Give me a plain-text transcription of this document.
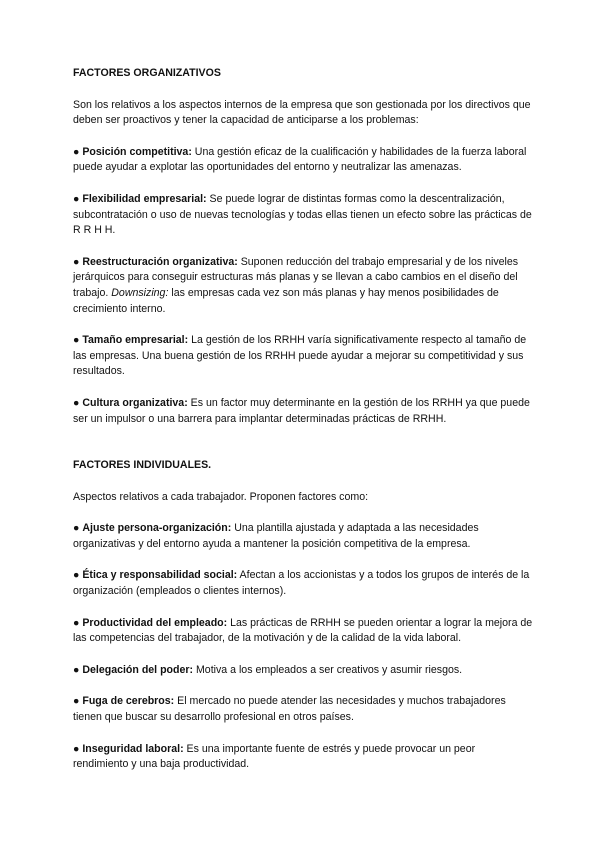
FACTORES ORGANIZATIVOS

Son los relativos a los aspectos internos de la empresa que son gestionada por los directivos que deben ser proactivos y tener la capacidad de anticiparse a los problemas:

● Posición competitiva: Una gestión eficaz de la cualificación y habilidades de la fuerza laboral puede ayudar a explotar las oportunidades del entorno y neutralizar las amenazas.

● Flexibilidad empresarial: Se puede lograr de distintas formas como la descentralización, subcontratación o uso de nuevas tecnologías y todas ellas tienen un efecto sobre las prácticas de R R H H.

● Reestructuración organizativa: Suponen reducción del trabajo empresarial y de los niveles jerárquicos para conseguir estructuras más planas y se llevan a cabo cambios en el diseño del trabajo. Downsizing: las empresas cada vez son más planas y hay menos posibilidades de crecimiento interno.

● Tamaño empresarial: La gestión de los RRHH varía significativamente respecto al tamaño de las empresas. Una buena gestión de los RRHH puede ayudar a mejorar su competitividad y sus resultados.

● Cultura organizativa: Es un factor muy determinante en la gestión de los RRHH ya que puede ser un impulsor o una barrera para implantar determinadas prácticas de RRHH.

FACTORES INDIVIDUALES.

Aspectos relativos a cada trabajador. Proponen factores como:

● Ajuste persona-organización: Una plantilla ajustada y adaptada a las necesidades organizativas y del entorno ayuda a mantener la posición competitiva de la empresa.

● Ética y responsabilidad social: Afectan a los accionistas y a todos los grupos de interés de la organización (empleados o clientes internos).

● Productividad del empleado: Las prácticas de RRHH se pueden orientar a lograr la mejora de las competencias del trabajador, de la motivación y de la calidad de la vida laboral.

● Delegación del poder: Motiva a los empleados a ser creativos y asumir riesgos.

● Fuga de cerebros: El mercado no puede atender las necesidades y muchos trabajadores tienen que buscar su desarrollo profesional en otros países.

● Inseguridad laboral: Es una importante fuente de estrés y puede provocar un peor rendimiento y una baja productividad.
